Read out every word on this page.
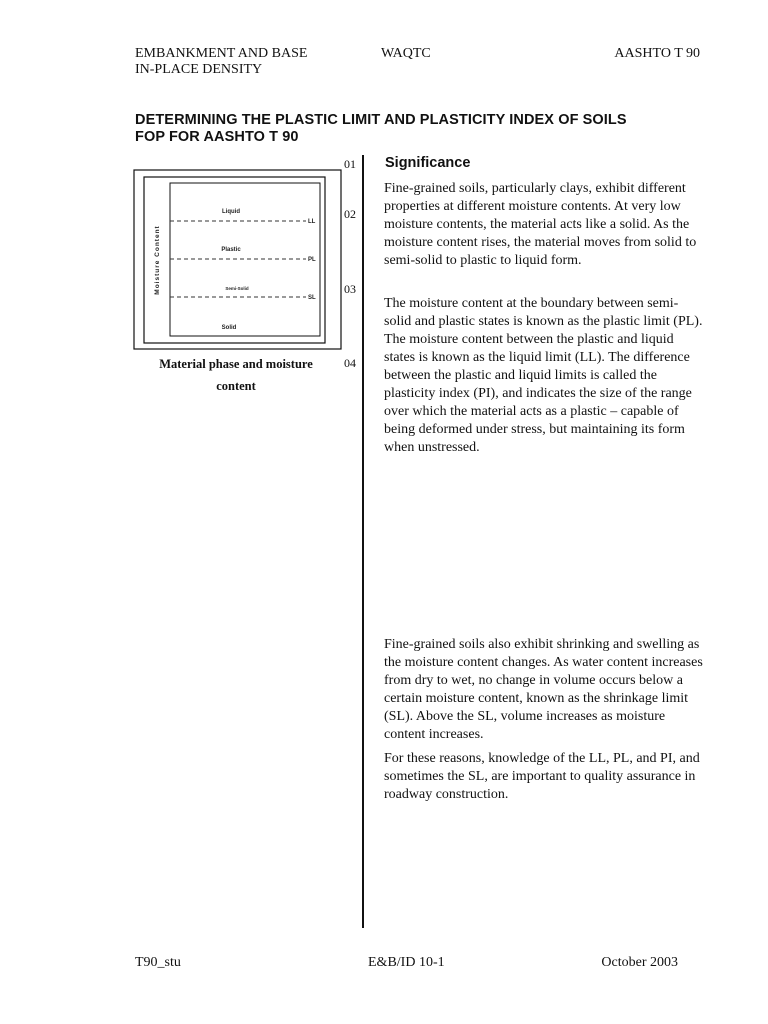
EMBANKMENT AND BASE
IN-PLACE DENSITY
WAQTC	AASHTO T 90
DETERMINING THE PLASTIC LIMIT AND PLASTICITY INDEX OF SOILS
FOP FOR AASHTO T 90
01
02
03
04
Liquid
Plastic
Semi-Solid
Solid
LL
PL
SL
Moisture Content
Material phase and moisture
content
Significance

Fine-grained soils, particularly clays, exhibit different properties at different moisture contents. At very low moisture contents, the material acts like a solid. As the moisture content rises, the material moves from solid to semi-solid to plastic to liquid form.

The moisture content at the boundary between semi-solid and plastic states is known as the plastic limit (PL). The moisture content between the plastic and liquid states is known as the liquid limit (LL). The difference between the plastic and liquid limits is called the plasticity index (PI), and indicates the size of the range over which the material acts as a plastic – capable of being deformed under stress, but maintaining its form when unstressed.

Fine-grained soils also exhibit shrinking and swelling as the moisture content changes. As water content increases from dry to wet, no change in volume occurs below a certain moisture content, known as the shrinkage limit (SL). Above the SL, volume increases as moisture content increases.

For these reasons, knowledge of the LL, PL, and PI, and sometimes the SL, are important to quality assurance in roadway construction.

T90_stu	E&B/ID 10-1	October 2003
